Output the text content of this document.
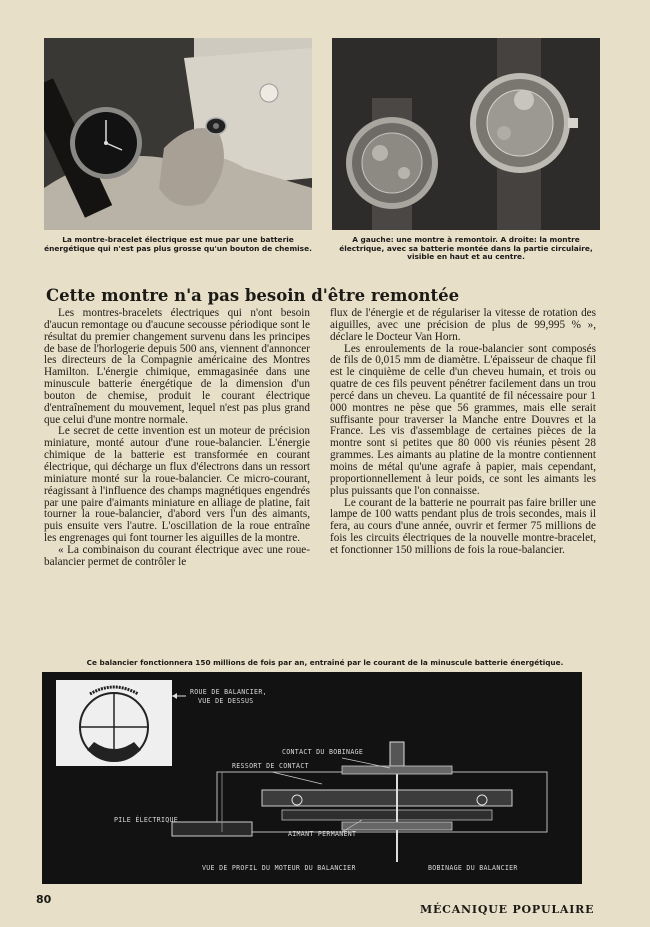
La montre-bracelet électrique est mue par une batterie énergétique qui n'est pas plus grosse qu'un bouton de chemise.
A gauche: une montre à remontoir. A droite: la montre électrique, avec sa batterie montée dans la partie circulaire, visible en haut et au centre.
Cette montre n'a pas besoin d'être remontée

Les montres-bracelets électriques qui n'ont besoin d'aucun remontage ou d'aucune secousse périodique sont le résultat du premier changement survenu dans les principes de base de l'horlogerie depuis 500 ans, viennent d'annoncer les directeurs de la Compagnie américaine des Montres Hamilton. L'énergie chimique, emmagasinée dans une minuscule batterie énergétique de la dimension d'un bouton de chemise, produit le courant électrique d'entraînement du mouvement, lequel n'est pas plus grand que celui d'une montre normale.

Le secret de cette invention est un moteur de précision miniature, monté autour d'une roue-balancier. L'énergie chimique de la batterie est transformée en courant électrique, qui décharge un flux d'électrons dans un ressort miniature monté sur la roue-balancier. Ce micro-courant, réagissant à l'influence des champs magnétiques engendrés par une paire d'aimants miniature en alliage de platine, fait tourner la roue-balancier, d'abord vers l'un des aimants, puis ensuite vers l'autre. L'oscillation de la roue entraîne les engrenages qui font tourner les aiguilles de la montre.

« La combinaison du courant électrique avec une roue-balancier permet de contrôler le

flux de l'énergie et de régulariser la vitesse de rotation des aiguilles, avec une précision de plus de 99,995 % », déclare le Docteur Van Horn.

Les enroulements de la roue-balancier sont composés de fils de 0,015 mm de diamètre. L'épaisseur de chaque fil est le cinquième de celle d'un cheveu humain, et trois ou quatre de ces fils peuvent pénétrer facilement dans un trou percé dans un cheveu. La quantité de fil nécessaire pour 1 000 montres ne pèse que 56 grammes, mais elle serait suffisante pour traverser la Manche entre Douvres et la France. Les vis d'assemblage de certaines pièces de la montre sont si petites que 80 000 vis réunies pèsent 28 grammes. Les aimants au platine de la montre contiennent moins de métal qu'une agrafe à papier, mais cependant, proportionnellement à leur poids, ce sont les aimants les plus puissants que l'on connaisse.

Le courant de la batterie ne pourrait pas faire briller une lampe de 100 watts pendant plus de trois secondes, mais il fera, au cours d'une année, ouvrir et fermer 75 millions de fois les circuits électriques de la nouvelle montre-bracelet, et fonctionner 150 millions de fois la roue-balancier.

Ce balancier fonctionnera 150 millions de fois par an, entraîné par le courant de la minuscule batterie énergétique.
ROUE DE BALANCIER,
VUE DE DESSUS
CONTACT DU BOBINAGE
RESSORT DE CONTACT
PILE ÉLECTRIQUE
AIMANT PERMANENT
VUE DE PROFIL DU MOTEUR DU BALANCIER	BOBINAGE DU BALANCIER
80
MÉCANIQUE POPULAIRE
